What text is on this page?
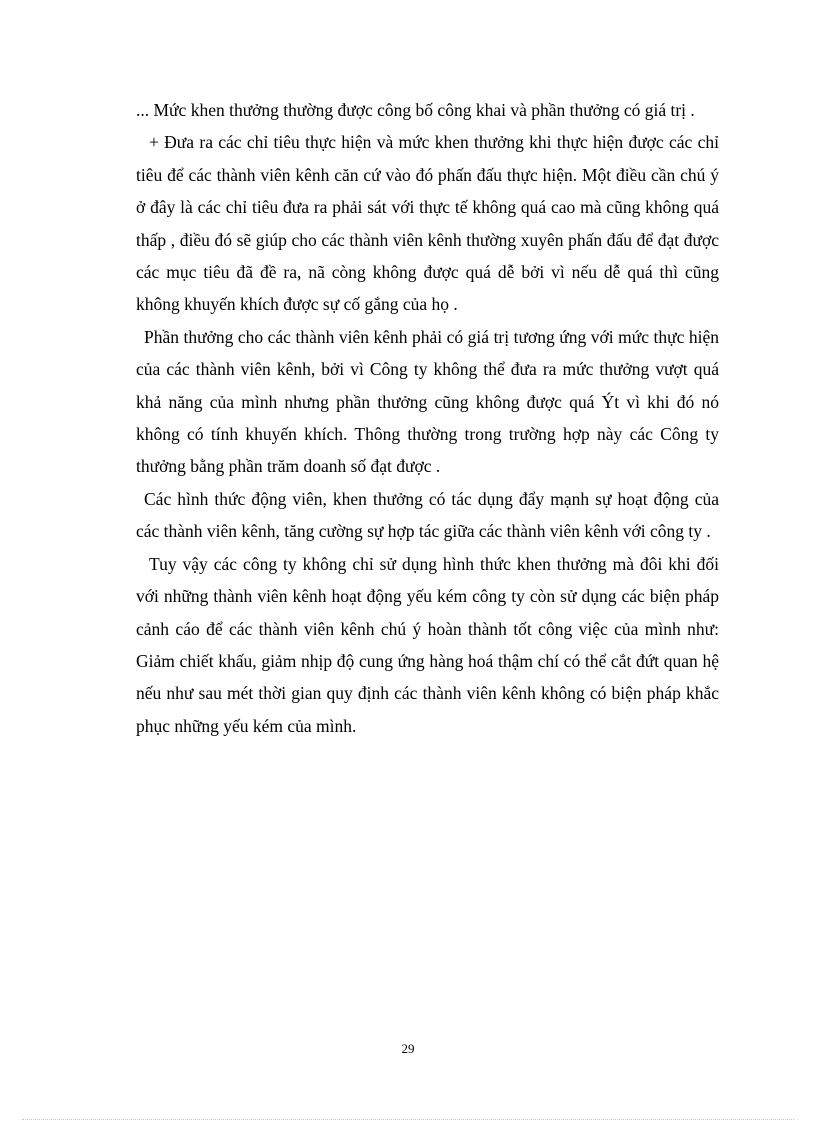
... Mức khen thưởng thường được công bố công khai và phần thưởng có giá trị .

+ Đưa ra các chỉ tiêu thực hiện và mức khen thưởng khi thực hiện được các chỉ tiêu để các thành viên kênh căn cứ vào đó phấn đấu thực hiện. Một điều cần chú ý ở đây là các chỉ tiêu đưa ra phải sát với thực tế không quá cao mà cũng không quá thấp , điều đó sẽ giúp cho các thành viên kênh thường xuyên phấn đấu để đạt được các mục tiêu đã đề ra, nã còng không được quá dễ bởi vì nếu dễ quá thì cũng không khuyến khích được sự cố gắng của họ .

Phần thưởng cho các thành viên kênh phải có giá trị tương ứng với mức thực hiện của các thành viên kênh, bởi vì Công ty không thể đưa ra mức thưởng vượt quá khả năng của mình nhưng phần thưởng cũng không được quá Ýt vì khi đó nó không có tính khuyến khích. Thông thường trong trường hợp này các Công ty thưởng bằng phần trăm doanh số đạt được .

Các hình thức động viên, khen thưởng có tác dụng đẩy mạnh sự hoạt động của các thành viên kênh, tăng cường sự hợp tác giữa các thành viên kênh với công ty .

Tuy vậy các công ty không chỉ sử dụng hình thức khen thưởng mà đôi khi đối với những thành viên kênh hoạt động yếu kém công ty còn sử dụng các biện pháp cảnh cáo để các thành viên kênh chú ý hoàn thành tốt công việc của mình như: Giảm chiết khấu, giảm nhịp độ cung ứng hàng hoá thậm chí có thể cắt đứt quan hệ nếu như sau mét thời gian quy định các thành viên kênh không có biện pháp khắc phục những yếu kém của mình.

29
